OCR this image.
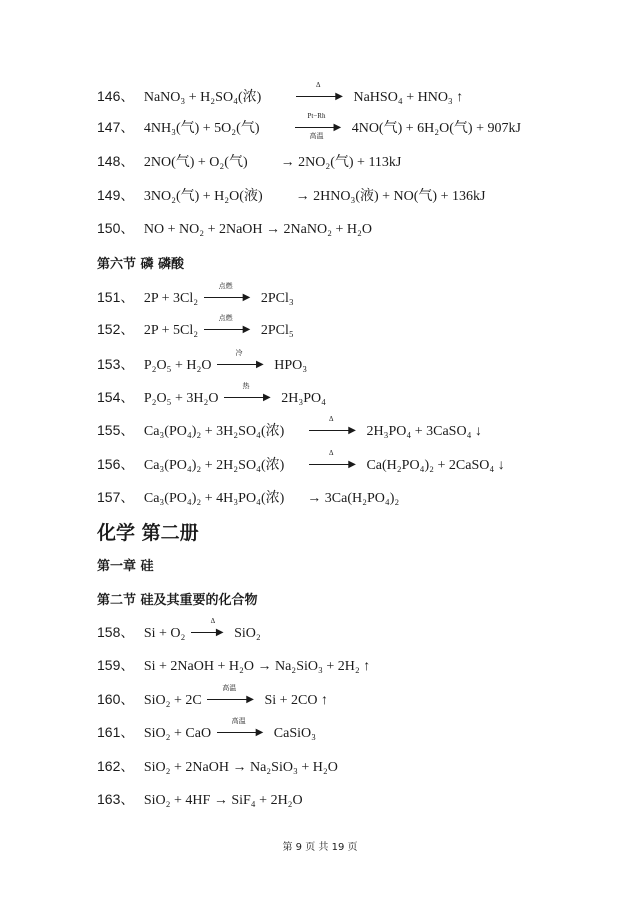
146、 NaNO₃ + H₂SO₄(浓)
Δ
▶ NaHSO₄ + HNO₃ ↑
147、 4NH₃(气) + 5O₂(气)
Pt−Rh
▶
高温
4NO(气) + 6H₂O(气) + 907kJ
148、 2NO(气) + O₂(气) → 2NO₂(气) + 113kJ
149、 3NO₂(气) + H₂O(液) → 2HNO₃(液) + NO(气) + 136kJ
150、 NO + NO₂ + 2NaOH → 2NaNO₂ + H₂O
第六节 磷 磷酸
151、 2P + 3Cl₂
点燃
▶ 2PCl₃
152、 2P + 5Cl₂
点燃
▶ 2PCl₅
153、 P₂O₅ + H₂O
冷
▶ HPO₃
154、 P₂O₅ + 3H₂O
热
▶ 2H₃PO₄
155、 Ca₃(PO₄)₂ + 3H₂SO₄(浓)
Δ
▶ 2H₃PO₄ + 3CaSO₄ ↓
156、 Ca₃(PO₄)₂ + 2H₂SO₄(浓)
Δ
▶ Ca(H₂PO₄)₂ + 2CaSO₄ ↓
157、 Ca₃(PO₄)₂ + 4H₃PO₄(浓) → 3Ca(H₂PO₄)₂
化学 第二册
第一章 硅
第二节 硅及其重要的化合物
158、 Si + O₂
Δ
▶ SiO₂
159、 Si + 2NaOH + H₂O → Na₂SiO₃ + 2H₂ ↑
160、 SiO₂ + 2C
高温
▶ Si + 2CO ↑
161、 SiO₂ + CaO
高温
▶ CaSiO₃
162、 SiO₂ + 2NaOH → Na₂SiO₃ + H₂O
163、 SiO₂ + 4HF → SiF₄ + 2H₂O
第 9 页 共 19 页
